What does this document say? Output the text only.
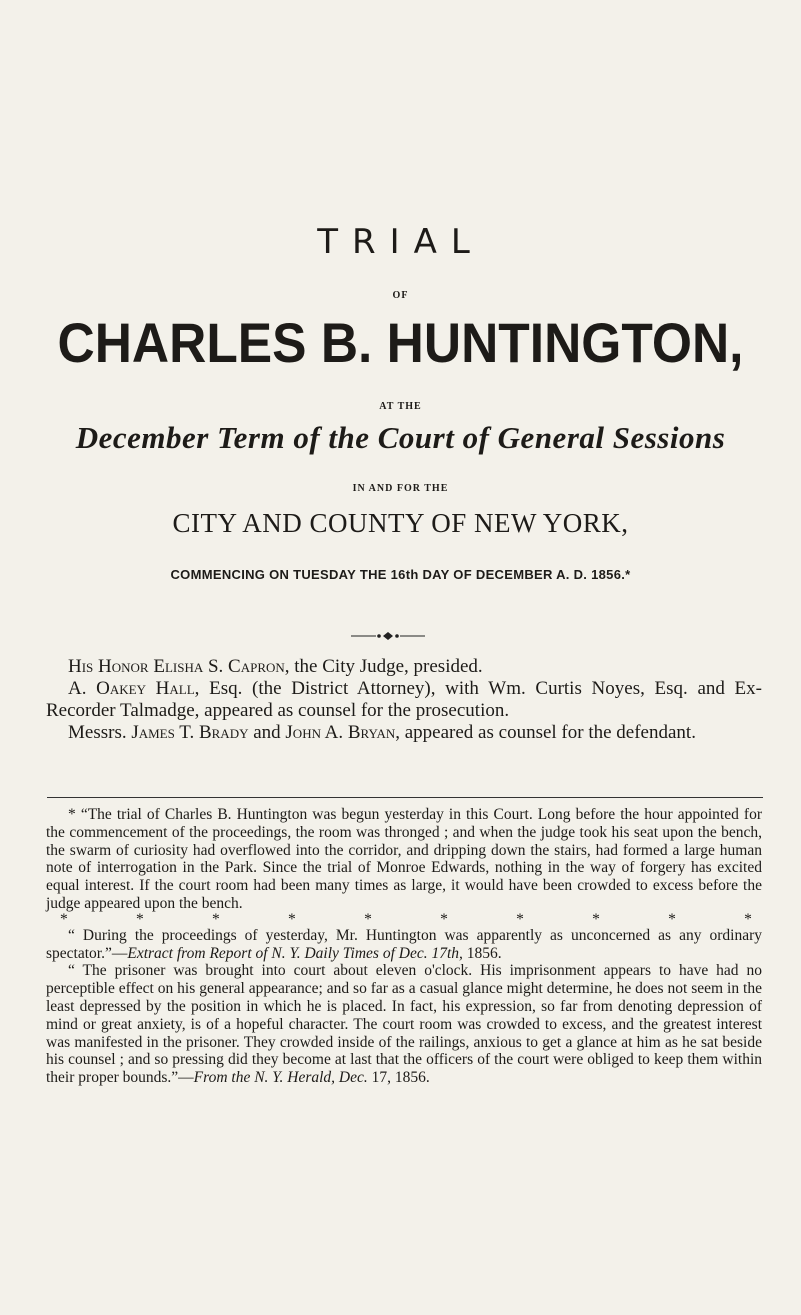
TRIAL
OF
CHARLES B. HUNTINGTON,
AT THE
December Term of the Court of General Sessions
IN AND FOR THE
CITY AND COUNTY OF NEW YORK,
COMMENCING ON TUESDAY THE 16th DAY OF DECEMBER A. D. 1856.*

His Honor Elisha S. Capron, the City Judge, presided.

A. Oakey Hall, Esq. (the District Attorney), with Wm. Curtis Noyes, Esq. and Ex-Recorder Talmadge, appeared as counsel for the prosecution.

Messrs. James T. Brady and John A. Bryan, appeared as counsel for the defendant.

* “The trial of Charles B. Huntington was begun yesterday in this Court. Long before the hour appointed for the commencement of the proceedings, the room was thronged ; and when the judge took his seat upon the bench, the swarm of curiosity had overflowed into the corridor, and dripping down the stairs, had formed a large human note of interrogation in the Park. Since the trial of Monroe Edwards, nothing in the way of forgery has excited equal interest. If the court room had been many times as large, it would have been crowded to excess before the judge appeared upon the bench.

*	*	*	*	*	*	*	*	*	*

“ During the proceedings of yesterday, Mr. Huntington was apparently as unconcerned as any ordinary spectator.”—Extract from Report of N. Y. Daily Times of Dec. 17th, 1856.

“ The prisoner was brought into court about eleven o'clock. His imprisonment appears to have had no perceptible effect on his general appearance; and so far as a casual glance might determine, he does not seem in the least depressed by the position in which he is placed. In fact, his expression, so far from denoting depression of mind or great anxiety, is of a hopeful character. The court room was crowded to excess, and the greatest interest was manifested in the prisoner. They crowded inside of the railings, anxious to get a glance at him as he sat beside his counsel ; and so pressing did they become at last that the officers of the court were obliged to keep them within their proper bounds.”—From the N. Y. Herald, Dec. 17, 1856.
